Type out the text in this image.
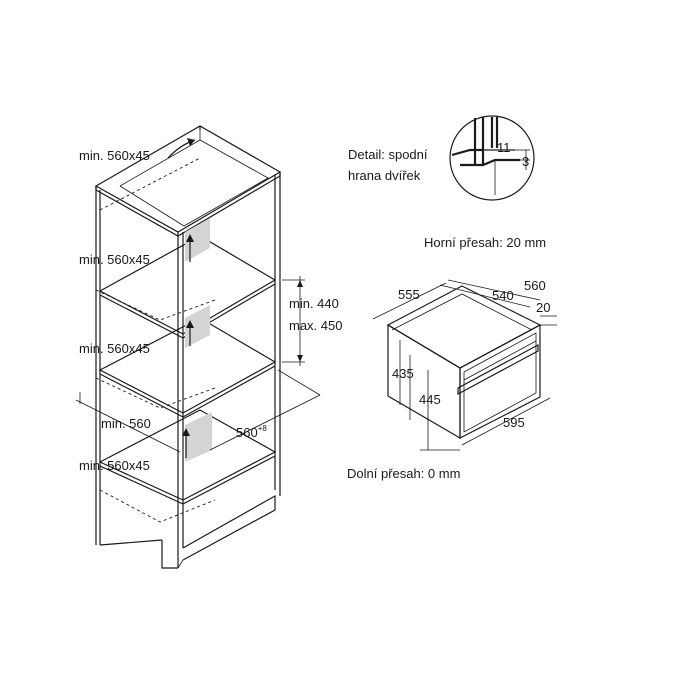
min. 560x45
min. 560x45
min. 560x45
min. 560x45
min. 560
min. 440
max. 450
$560^{+8}$
Detail: spodní
hrana dvířek
11
3
Horní přesah: 20 mm
Dolní přesah: 0 mm
555	540
560
20
435
445
595
